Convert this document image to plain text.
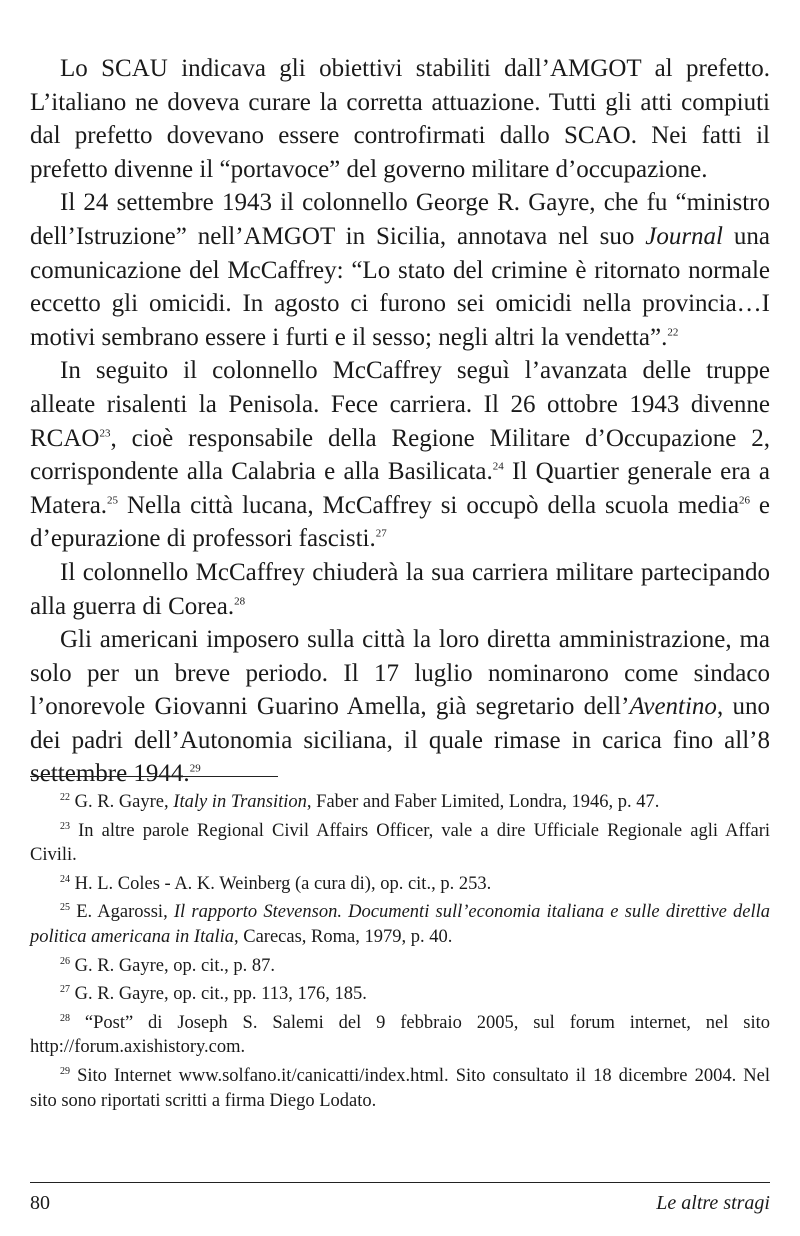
Lo SCAU indicava gli obiettivi stabiliti dall’AMGOT al prefetto. L’italiano ne doveva curare la corretta attuazione. Tutti gli atti compiuti dal prefetto dovevano essere controfirmati dallo SCAO. Nei fatti il prefetto divenne il “portavoce” del governo militare d’occupazione.

Il 24 settembre 1943 il colonnello George R. Gayre, che fu “ministro dell’Istruzione” nell’AMGOT in Sicilia, annotava nel suo Journal una comunicazione del McCaffrey: “Lo stato del crimine è ritornato normale eccetto gli omicidi. In agosto ci furono sei omicidi nella provincia…I motivi sembrano essere i furti e il sesso; negli altri la vendetta”.$^{22}$

In seguito il colonnello McCaffrey seguì l’avanzata delle truppe alleate risalenti la Penisola. Fece carriera. Il 26 ottobre 1943 divenne RCAO$^{23}$, cioè responsabile della Regione Militare d’Occupazione 2, corrispondente alla Calabria e alla Basilicata.$^{24}$ Il Quartier generale era a Matera.$^{25}$ Nella città lucana, McCaffrey si occupò della scuola media$^{26}$ e d’epurazione di professori fascisti.$^{27}$

Il colonnello McCaffrey chiuderà la sua carriera militare partecipando alla guerra di Corea.$^{28}$

Gli americani imposero sulla città la loro diretta amministrazione, ma solo per un breve periodo. Il 17 luglio nominarono come sindaco l’onorevole Giovanni Guarino Amella, già segretario dell’Aventino, uno dei padri dell’Autonomia siciliana, il quale rimase in carica fino all’8 settembre 1944.29

$^{22}$ G. R. Gayre, Italy in Transition, Faber and Faber Limited, Londra, 1946, p. 47.

$^{23}$ In altre parole Regional Civil Affairs Officer, vale a dire Ufficiale Regionale agli Affari Civili.

$^{24}$ H. L. Coles - A. K. Weinberg (a cura di), op. cit., p. 253.

$^{25}$ E. Agarossi, Il rapporto Stevenson. Documenti sull’economia italiana e sulle direttive della politica americana in Italia, Carecas, Roma, 1979, p. 40.

$^{26}$ G. R. Gayre, op. cit., p. 87.

$^{27}$ G. R. Gayre, op. cit., pp. 113, 176, 185.

$^{28}$ “Post” di Joseph S. Salemi del 9 febbraio 2005, sul forum internet, nel sito http://forum.axishistory.com.

$^{29}$ Sito Internet www.solfano.it/canicatti/index.html. Sito consultato il 18 dicembre 2004. Nel sito sono riportati scritti a firma Diego Lodato.

80	Le altre stragi
